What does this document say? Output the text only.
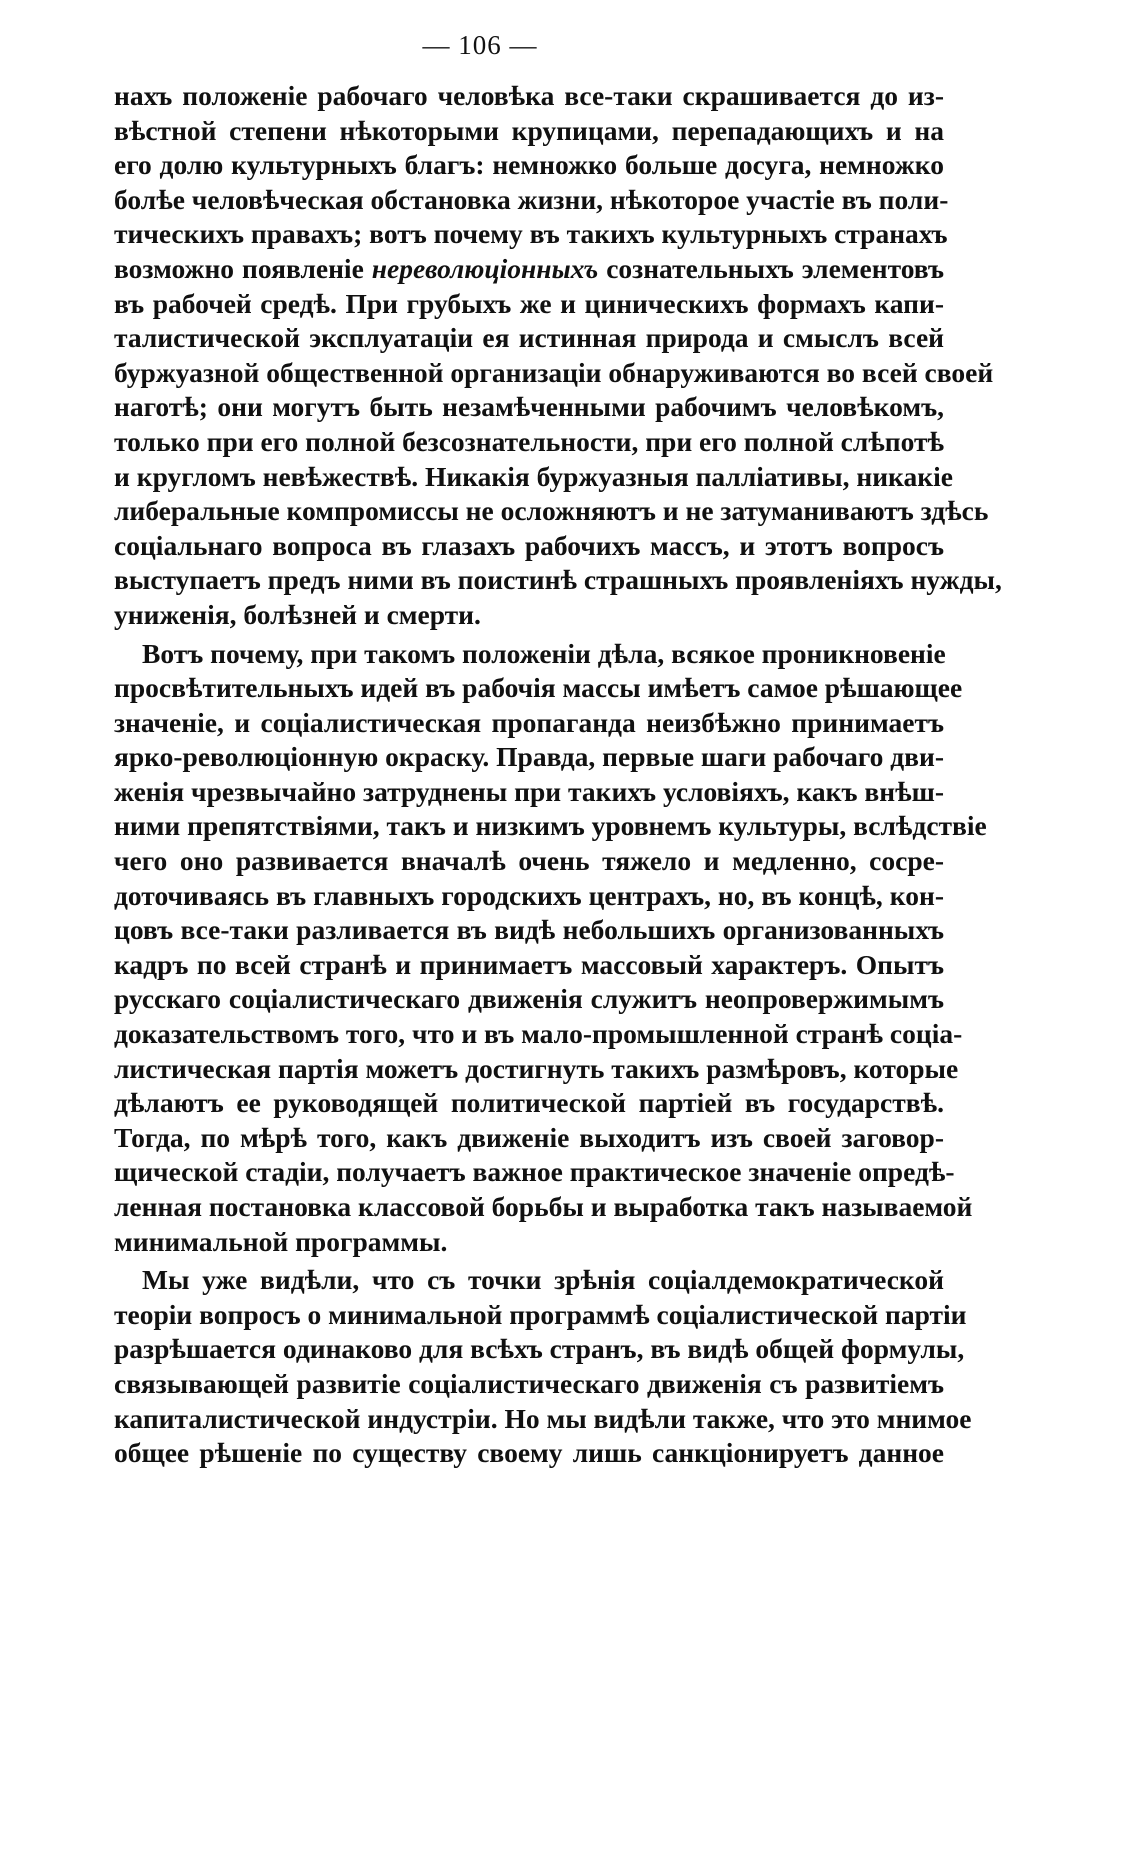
— 106 —
нахъ положеніе рабочаго человѣка все-таки скрашивается до из-
вѣстной степени нѣкоторыми крупицами, перепадающихъ и на
его долю культурныхъ благъ: немножко больше досуга, немножко
болѣе человѣческая обстановка жизни, нѣкоторое участіе въ поли-
тическихъ правахъ; вотъ почему въ такихъ культурныхъ странахъ
возможно появленіе нереволюціонныхъ сознательныхъ элементовъ
въ рабочей средѣ. При грубыхъ же и циническихъ формахъ капи-
талистической эксплуатаціи ея истинная природа и смыслъ всей
буржуазной общественной организаціи обнаруживаются во всей своей
наготѣ; они могутъ быть незамѣченными рабочимъ человѣкомъ,
только при его полной безсознательности, при его полной слѣпотѣ
и кругломъ невѣжествѣ. Никакія буржуазныя палліативы, никакіе
либеральные компромиссы не осложняютъ и не затуманиваютъ здѣсь
соціальнаго вопроса въ глазахъ рабочихъ массъ, и этотъ вопросъ
выступаетъ предъ ними въ поистинѣ страшныхъ проявленіяхъ нужды,
униженія, болѣзней и смерти.
Вотъ почему, при такомъ положеніи дѣла, всякое проникновеніе
просвѣтительныхъ идей въ рабочія массы имѣетъ самое рѣшающее
значеніе, и соціалистическая пропаганда неизбѣжно принимаетъ
ярко-революціонную окраску. Правда, первые шаги рабочаго дви-
женія чрезвычайно затруднены при такихъ условіяхъ, какъ внѣш-
ними препятствіями, такъ и низкимъ уровнемъ культуры, вслѣдствіе
чего оно развивается вначалѣ очень тяжело и медленно, сосре-
доточиваясь въ главныхъ городскихъ центрахъ, но, въ концѣ, кон-
цовъ все-таки разливается въ видѣ небольшихъ организованныхъ
кадръ по всей странѣ и принимаетъ массовый характеръ. Опытъ
русскаго соціалистическаго движенія служитъ неопровержимымъ
доказательствомъ того, что и въ мало-промышленной странѣ соціа-
листическая партія можетъ достигнуть такихъ размѣровъ, которые
дѣлаютъ ее руководящей политической партіей въ государствѣ.
Тогда, по мѣрѣ того, какъ движеніе выходитъ изъ своей заговор-
щической стадіи, получаетъ важное практическое значеніе опредѣ-
ленная постановка классовой борьбы и выработка такъ называемой
минимальной программы.
Мы уже видѣли, что съ точки зрѣнія соціалдемократической
теоріи вопросъ о минимальной программѣ соціалистической партіи
разрѣшается одинаково для всѣхъ странъ, въ видѣ общей формулы,
связывающей развитіе соціалистическаго движенія съ развитіемъ
капиталистической индустріи. Но мы видѣли также, что это мнимое
общее рѣшеніе по существу своему лишь санкціонируетъ данное
